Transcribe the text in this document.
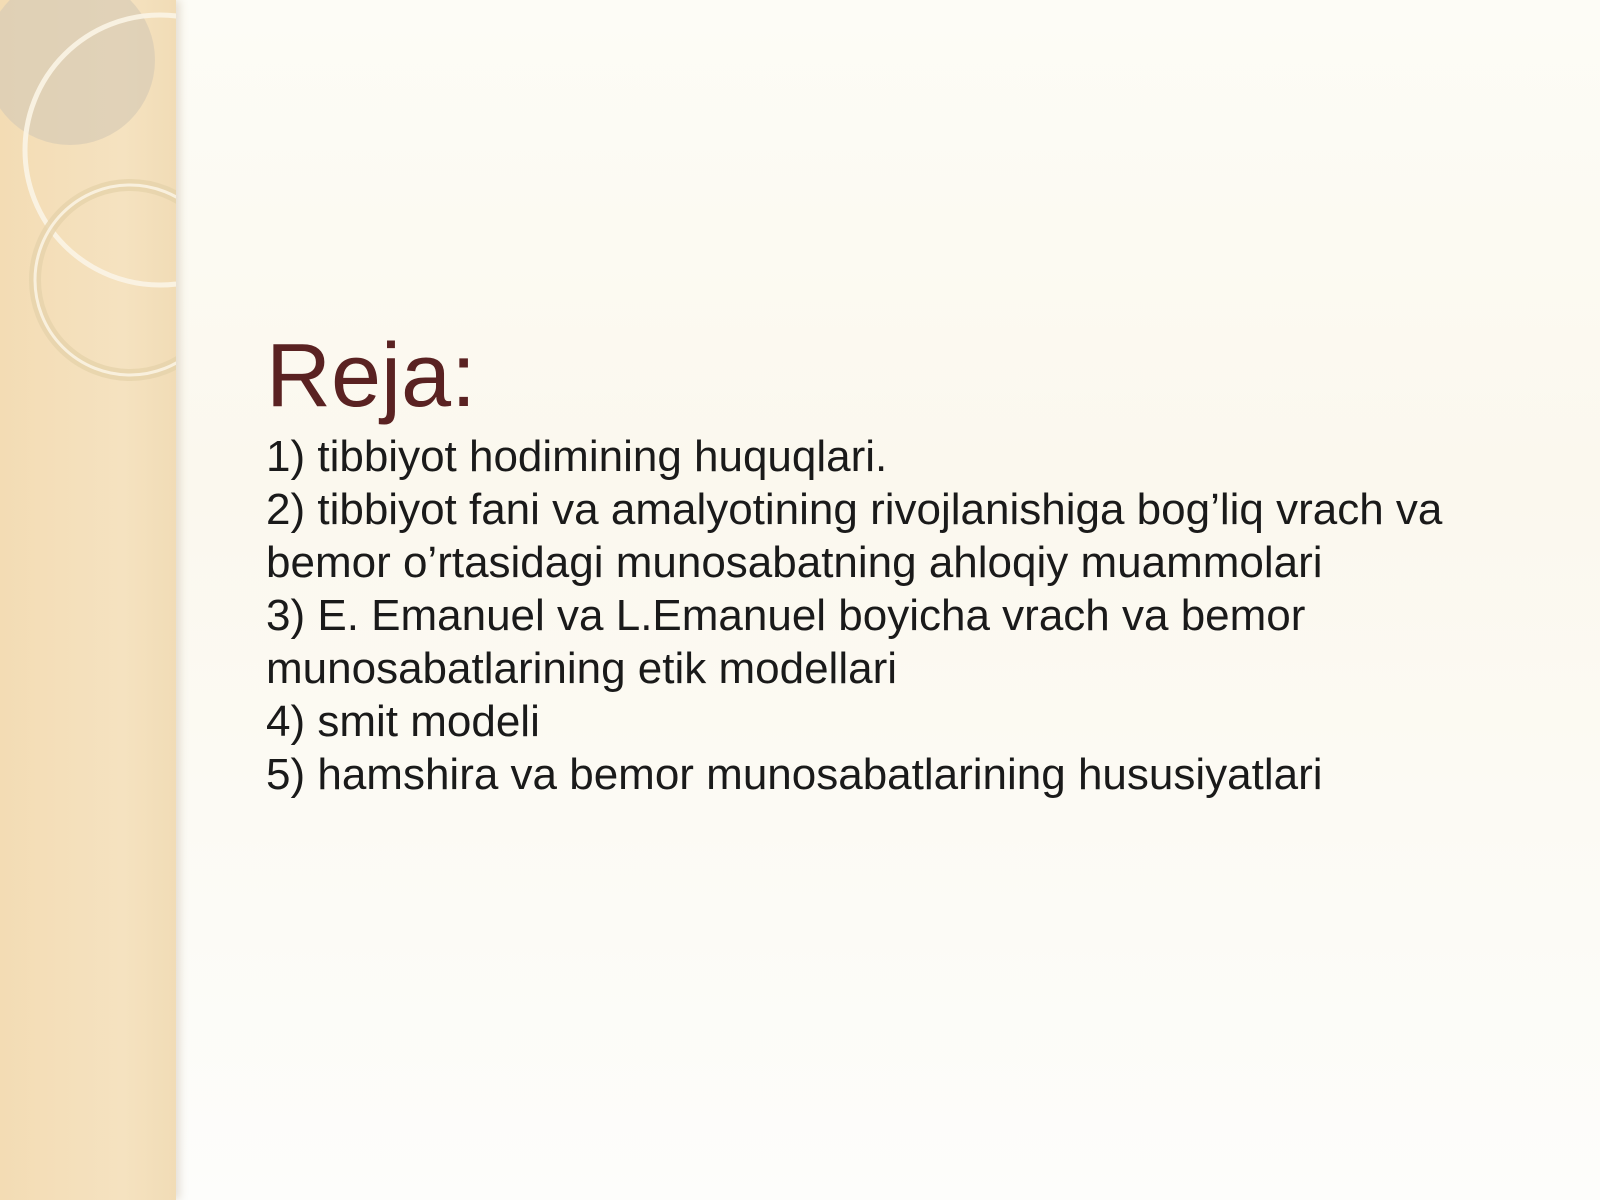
Reja:
1) tibbiyot hodimining huquqlari.
2) tibbiyot fani va amalyotining rivojlanishiga bog’liq vrach va bemor o’rtasidagi munosabatning ahloqiy muammolari
3) E. Emanuel va L.Emanuel boyicha vrach va bemor munosabatlarining etik modellari
4) smit modeli
5) hamshira va bemor munosabatlarining hususiyatlari
